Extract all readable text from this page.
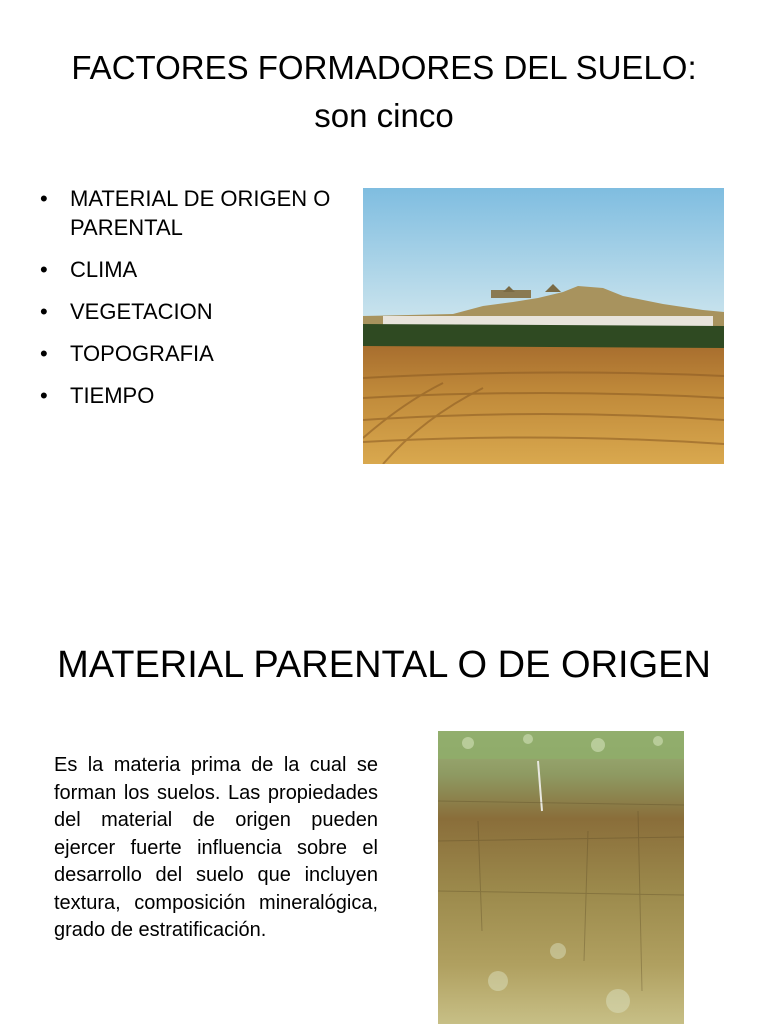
FACTORES FORMADORES DEL SUELO:
son cinco
• MATERIAL DE ORIGEN O PARENTAL
• CLIMA
• VEGETACION
• TOPOGRAFIA
• TIEMPO
MATERIAL PARENTAL O DE ORIGEN

Es la materia prima de la cual se forman los suelos. Las propiedades del material de origen pueden ejercer fuerte influencia sobre el desarrollo del suelo que incluyen textura, composición mineralógica, grado de estratificación.
